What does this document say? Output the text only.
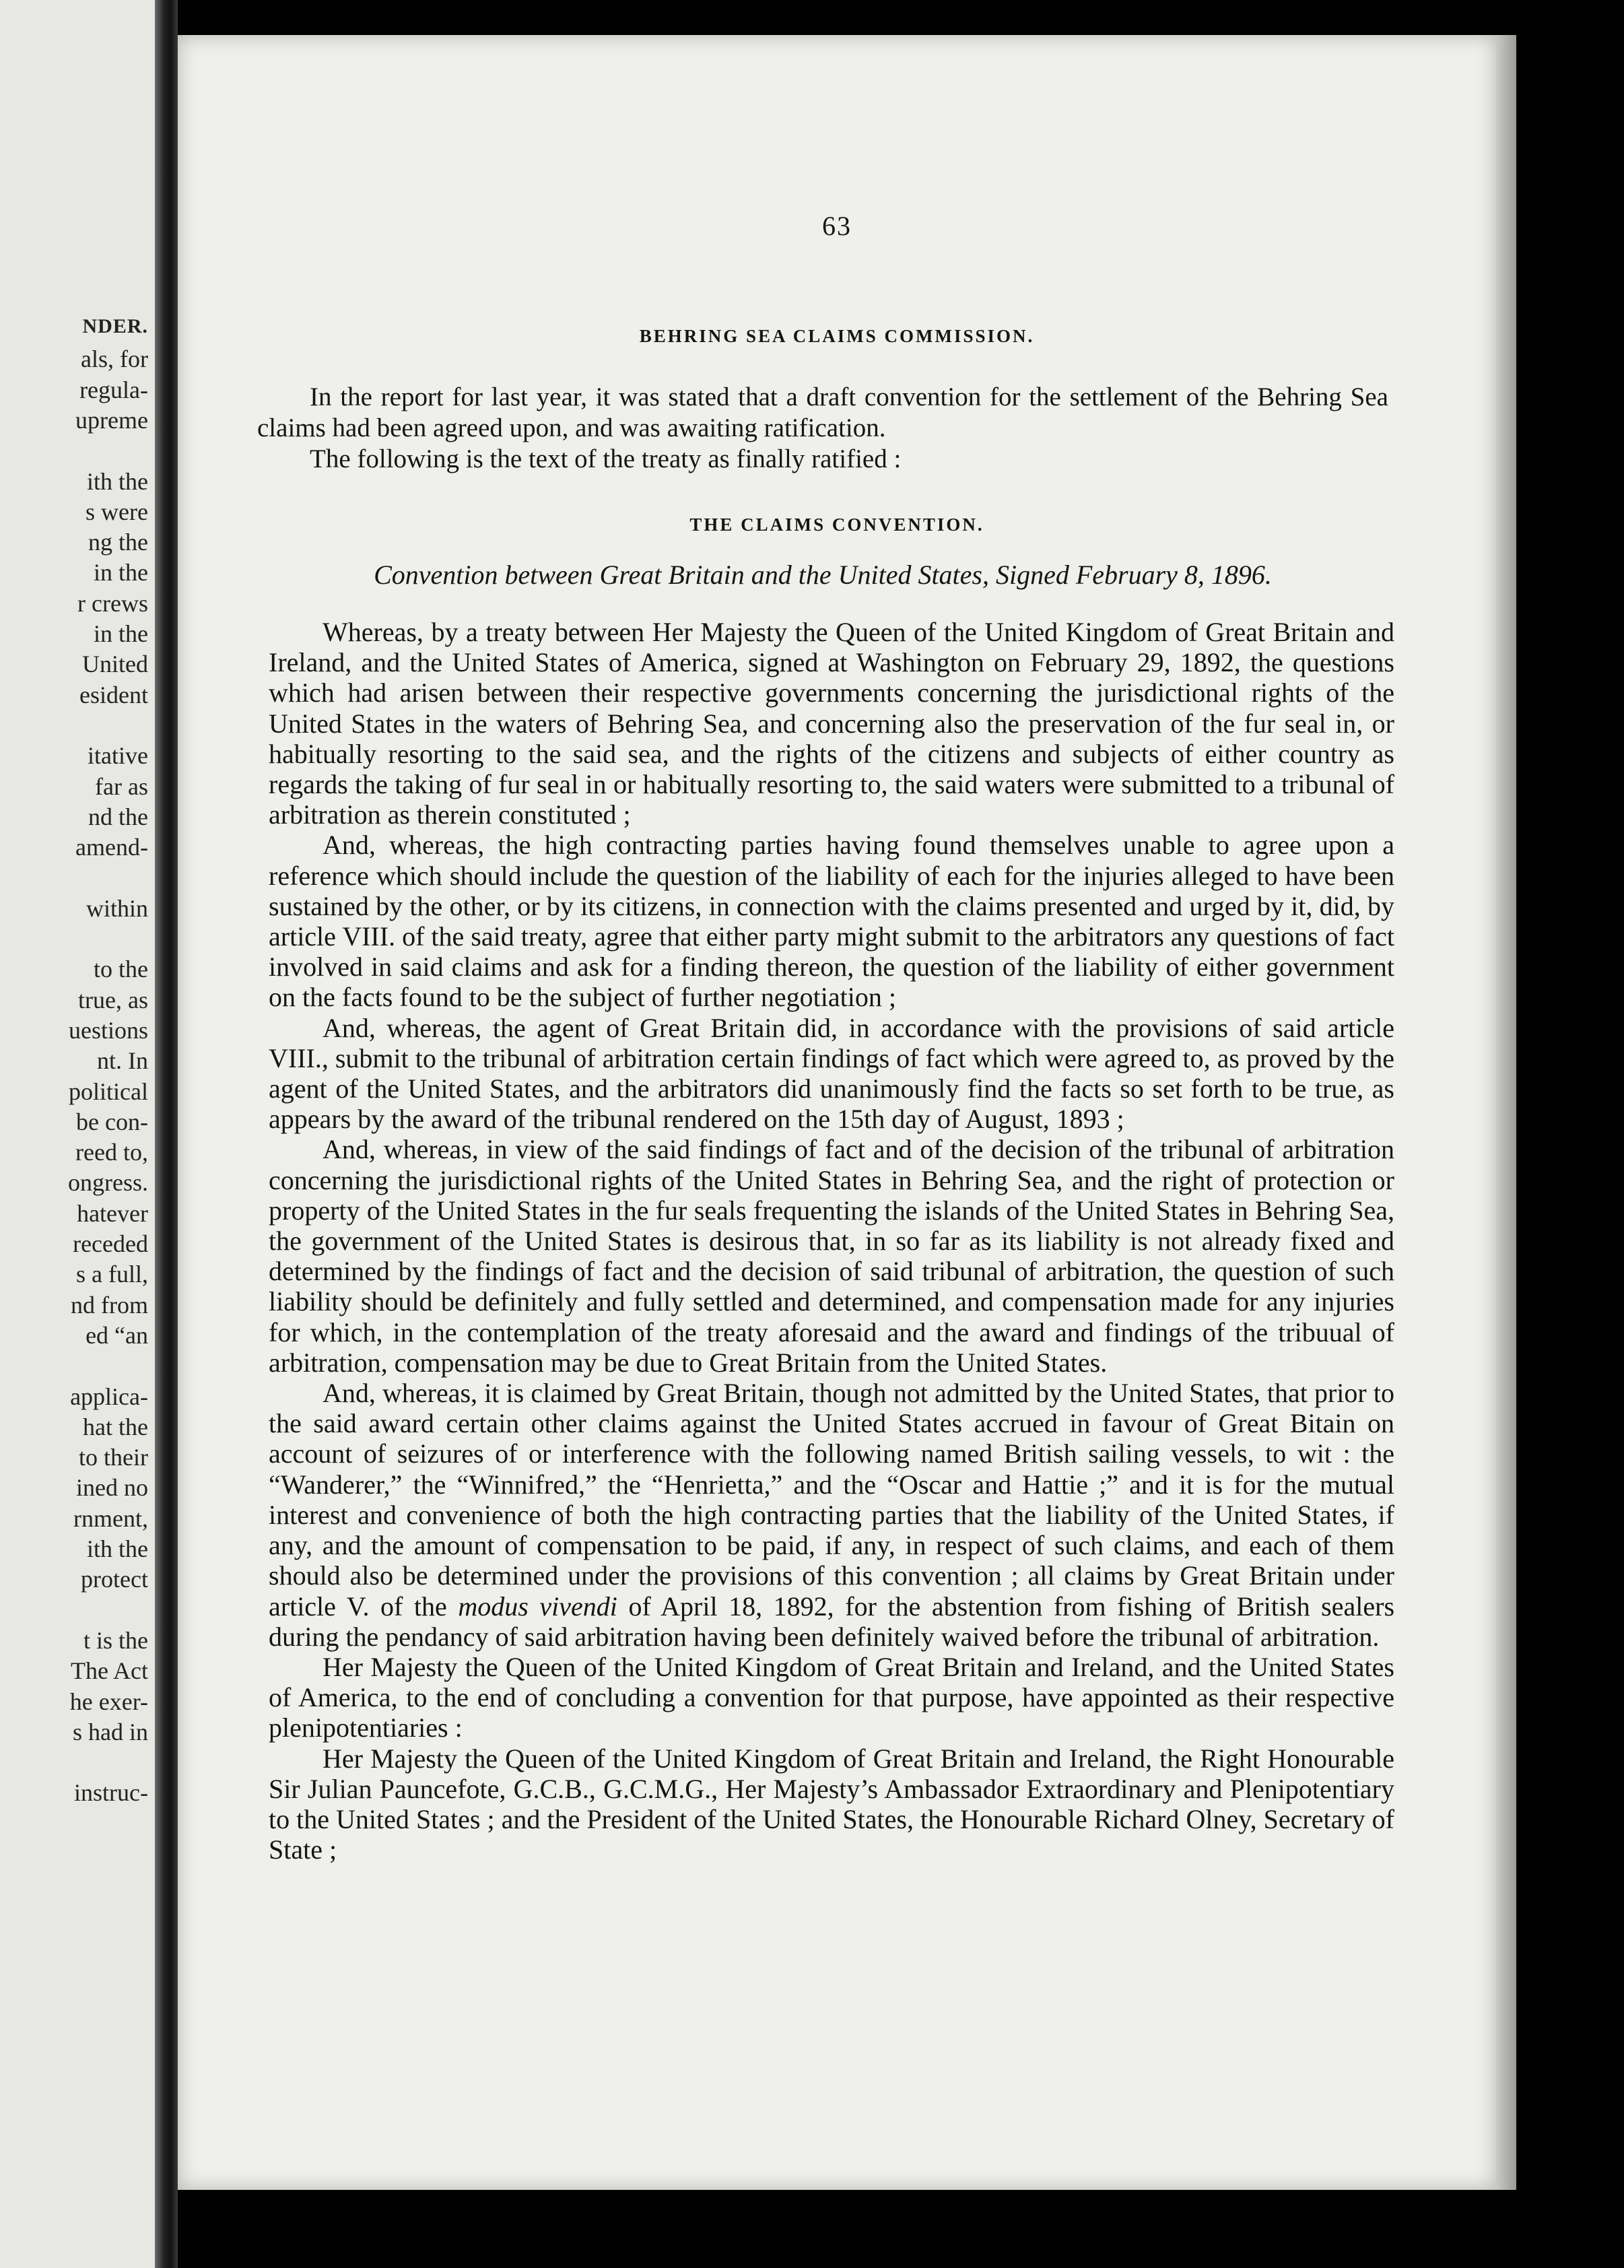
NDER.
als, for
regula-
upreme
ith the
s were
ng the
in the
r crews
in the
United
esident
itative
far as
nd the
amend-
within
to the
true, as
uestions
nt. In
political
be con-
reed to,
ongress.
hatever
receded
s a full,
nd from
ed “an
applica-
hat the
to their
ined no
rnment,
ith the
protect
t is the
The Act
he exer-
s had in
instruc-
63
BEHRING SEA CLAIMS COMMISSION.

In the report for last year, it was stated that a draft convention for the settlement of the Behring Sea claims had been agreed upon, and was awaiting ratification.

The following is the text of the treaty as finally ratified :

THE CLAIMS CONVENTION.
Convention between Great Britain and the United States, Signed February 8, 1896.

Whereas, by a treaty between Her Majesty the Queen of the United Kingdom of Great Britain and Ireland, and the United States of America, signed at Washington on February 29, 1892, the questions which had arisen between their respective governments concerning the jurisdictional rights of the United States in the waters of Behring Sea, and concerning also the preservation of the fur seal in, or habitually resorting to the said sea, and the rights of the citizens and subjects of either country as regards the taking of fur seal in or habitually resorting to, the said waters were submitted to a tribunal of arbitration as therein constituted ;

And, whereas, the high contracting parties having found themselves unable to agree upon a reference which should include the question of the liability of each for the injuries alleged to have been sustained by the other, or by its citizens, in connection with the claims presented and urged by it, did, by article VIII. of the said treaty, agree that either party might submit to the arbitrators any questions of fact involved in said claims and ask for a finding thereon, the question of the liability of either government on the facts found to be the subject of further negotiation ;

And, whereas, the agent of Great Britain did, in accordance with the provisions of said article VIII., submit to the tribunal of arbitration certain findings of fact which were agreed to, as proved by the agent of the United States, and the arbitrators did unanimously find the facts so set forth to be true, as appears by the award of the tribunal rendered on the 15th day of August, 1893 ;

And, whereas, in view of the said findings of fact and of the decision of the tribunal of arbitration concerning the jurisdictional rights of the United States in Behring Sea, and the right of protection or property of the United States in the fur seals frequenting the islands of the United States in Behring Sea, the government of the United States is desirous that, in so far as its liability is not already fixed and determined by the findings of fact and the decision of said tribunal of arbitration, the question of such liability should be definitely and fully settled and determined, and compensation made for any injuries for which, in the contemplation of the treaty aforesaid and the award and findings of the tribuual of arbitration, compensation may be due to Great Britain from the United States.

And, whereas, it is claimed by Great Britain, though not admitted by the United States, that prior to the said award certain other claims against the United States accrued in favour of Great Bitain on account of seizures of or interference with the following named British sailing vessels, to wit : the “Wanderer,” the “Winnifred,” the “Henrietta,” and the “Oscar and Hattie ;” and it is for the mutual interest and convenience of both the high contracting parties that the liability of the United States, if any, and the amount of compensation to be paid, if any, in respect of such claims, and each of them should also be determined under the provisions of this convention ; all claims by Great Britain under article V. of the modus vivendi of April 18, 1892, for the abstention from fishing of British sealers during the pendancy of said arbitration having been definitely waived before the tribunal of arbitration.

Her Majesty the Queen of the United Kingdom of Great Britain and Ireland, and the United States of America, to the end of concluding a convention for that purpose, have appointed as their respective plenipotentiaries :

Her Majesty the Queen of the United Kingdom of Great Britain and Ireland, the Right Honourable Sir Julian Pauncefote, G.C.B., G.C.M.G., Her Majesty’s Ambassador Extraordinary and Plenipotentiary to the United States ; and the President of the United States, the Honourable Richard Olney, Secretary of State ;
